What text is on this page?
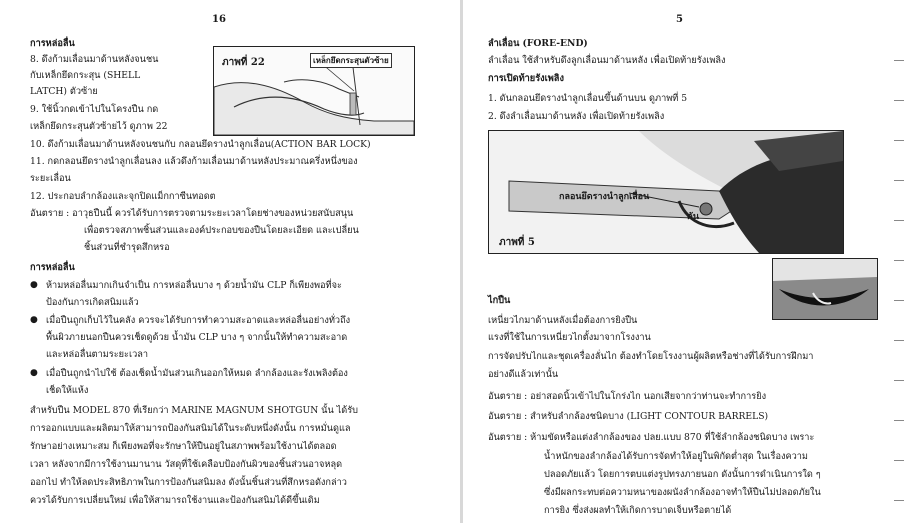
16
การหล่อลื่น
8. ดึงก้ามเลื่อนมาด้านหลังจนชน
กับเหล็กยึดกระสุน (SHELL
LATCH) ตัวซ้าย
9. ใช้นิ้วกดเข้าไปในโครงปืน กด
เหล็กยึดกระสุนตัวซ้ายไว้ ดูภาพ 22
ภาพที่ 22	เหล็กยึดกระสุนตัวซ้าย
10. ดึงก้ามเลื่อนมาด้านหลังจนชนกับ กลอนยึดรางนำลูกเลื่อน(ACTION BAR LOCK)
11. กดกลอนยึดรางนำลูกเลื่อนลง แล้วดึงก้ามเลื่อนมาด้านหลังประมาณครึ่งหนึ่งของ
ระยะเลื่อน
12. ประกอบลำกล้องและจุกปิดแม็กกาซีนทอดต
อันตราย : อาวุธปืนนี้ ควรได้รับการตรวจตามระยะเวลาโดยช่างของหน่วยสนับสนุน
เพื่อตรวจสภาพชิ้นส่วนและองค์ประกอบของปืนโดยละเอียด และเปลี่ยน
ชิ้นส่วนที่ชำรุดสึกหรอ
การหล่อลื่น
● ห้ามหล่อลื่นมากเกินจำเป็น การหล่อลื่นบาง ๆ ด้วยน้ำมัน CLP ก็เพียงพอที่จะ
ป้องกันการเกิดสนิมแล้ว
● เมื่อปืนถูกเก็บไว้ในคลัง ควรจะได้รับการทำความสะอาดและหล่อลื่นอย่างทั่วถึง
พื้นผิวภายนอกปืนควรเช็ดดูด้วย น้ำมัน CLP บาง ๆ จากนั้นให้ทำความสะอาด
และหล่อลื่นตามระยะเวลา
● เมื่อปืนถูกนำไปใช้ ต้องเช็ดน้ำมันส่วนเกินออกให้หมด ลำกล้องและรังเพลิงต้อง
เช็ดให้แห้ง
สำหรับปืน MODEL 870 ที่เรียกว่า MARINE MAGNUM SHOTGUN นั้น ได้รับ
การออกแบบและผลิตมาให้สามารถป้องกันสนิมได้ในระดับหนึ่งดังนั้น การหมั่นดูแล
รักษาอย่างเหมาะสม ก็เพียงพอที่จะรักษาให้ปืนอยู่ในสภาพพร้อมใช้งานได้ตลอด
เวลา หลังจากมีการใช้งานมานาน วัสดุที่ใช้เคลือบป้องกันผิวของชิ้นส่วนอาจหลุด
ออกไป ทำให้ลดประสิทธิภาพในการป้องกันสนิมลง ดังนั้นชิ้นส่วนที่สึกหรอดังกล่าว
ควรได้รับการเปลี่ยนใหม่ เพื่อให้สามารถใช้งานและป้องกันสนิมได้ดีขึ้นเดิม
5
ลำเลื่อน (FORE-END)
ลำเลื่อน ใช้สำหรับดึงลูกเลื่อนมาด้านหลัง เพื่อเปิดท้ายรังเพลิง
การเปิดท้ายรังเพลิง
1. ดันกลอนยึดรางนำลูกเลื่อนขึ้นด้านบน ดูภาพที่ 5
2. ดึงลำเลื่อนมาด้านหลัง เพื่อเปิดท้ายรังเพลิง
ภาพที่ 5
กลอนยึดรางนำลูกเลื่อน
ดัน
ไกปืน
เหนี่ยวไกมาด้านหลังเมื่อต้องการยิงปืน
แรงที่ใช้ในการเหนี่ยวไกตั้งมาจากโรงงาน
การจัดปรับไกและชุดเครื่องลั่นไก ต้องทำโดยโรงงานผู้ผลิตหรือช่างที่ได้รับการฝึกมา
อย่างดีแล้วเท่านั้น
อันตราย : อย่าสอดนิ้วเข้าไปในโกร่งไก นอกเสียจากว่าท่านจะทำการยิง
อันตราย : สำหรับลำกล้องชนิดบาง (LIGHT CONTOUR BARRELS)
อันตราย : ห้ามขัดหรือแต่งลำกล้องของ ปลย.แบบ 870 ที่ใช้ลำกล้องชนิดบาง เพราะ
น้ำหนักของลำกล้องได้รับการจัดทำให้อยู่ในพิกัดต่ำสุด ในเรื่องความ
ปลอดภัยแล้ว โดยการตบแต่งรูปทรงภายนอก ดังนั้นการดำเนินการใด ๆ
ซึ่งมีผลกระทบต่อความหนาของผนังลำกล้องอาจทำให้ปืนไม่ปลอดภัยใน
การยิง ซึ่งส่งผลทำให้เกิดการบาดเจ็บหรือตายได้
